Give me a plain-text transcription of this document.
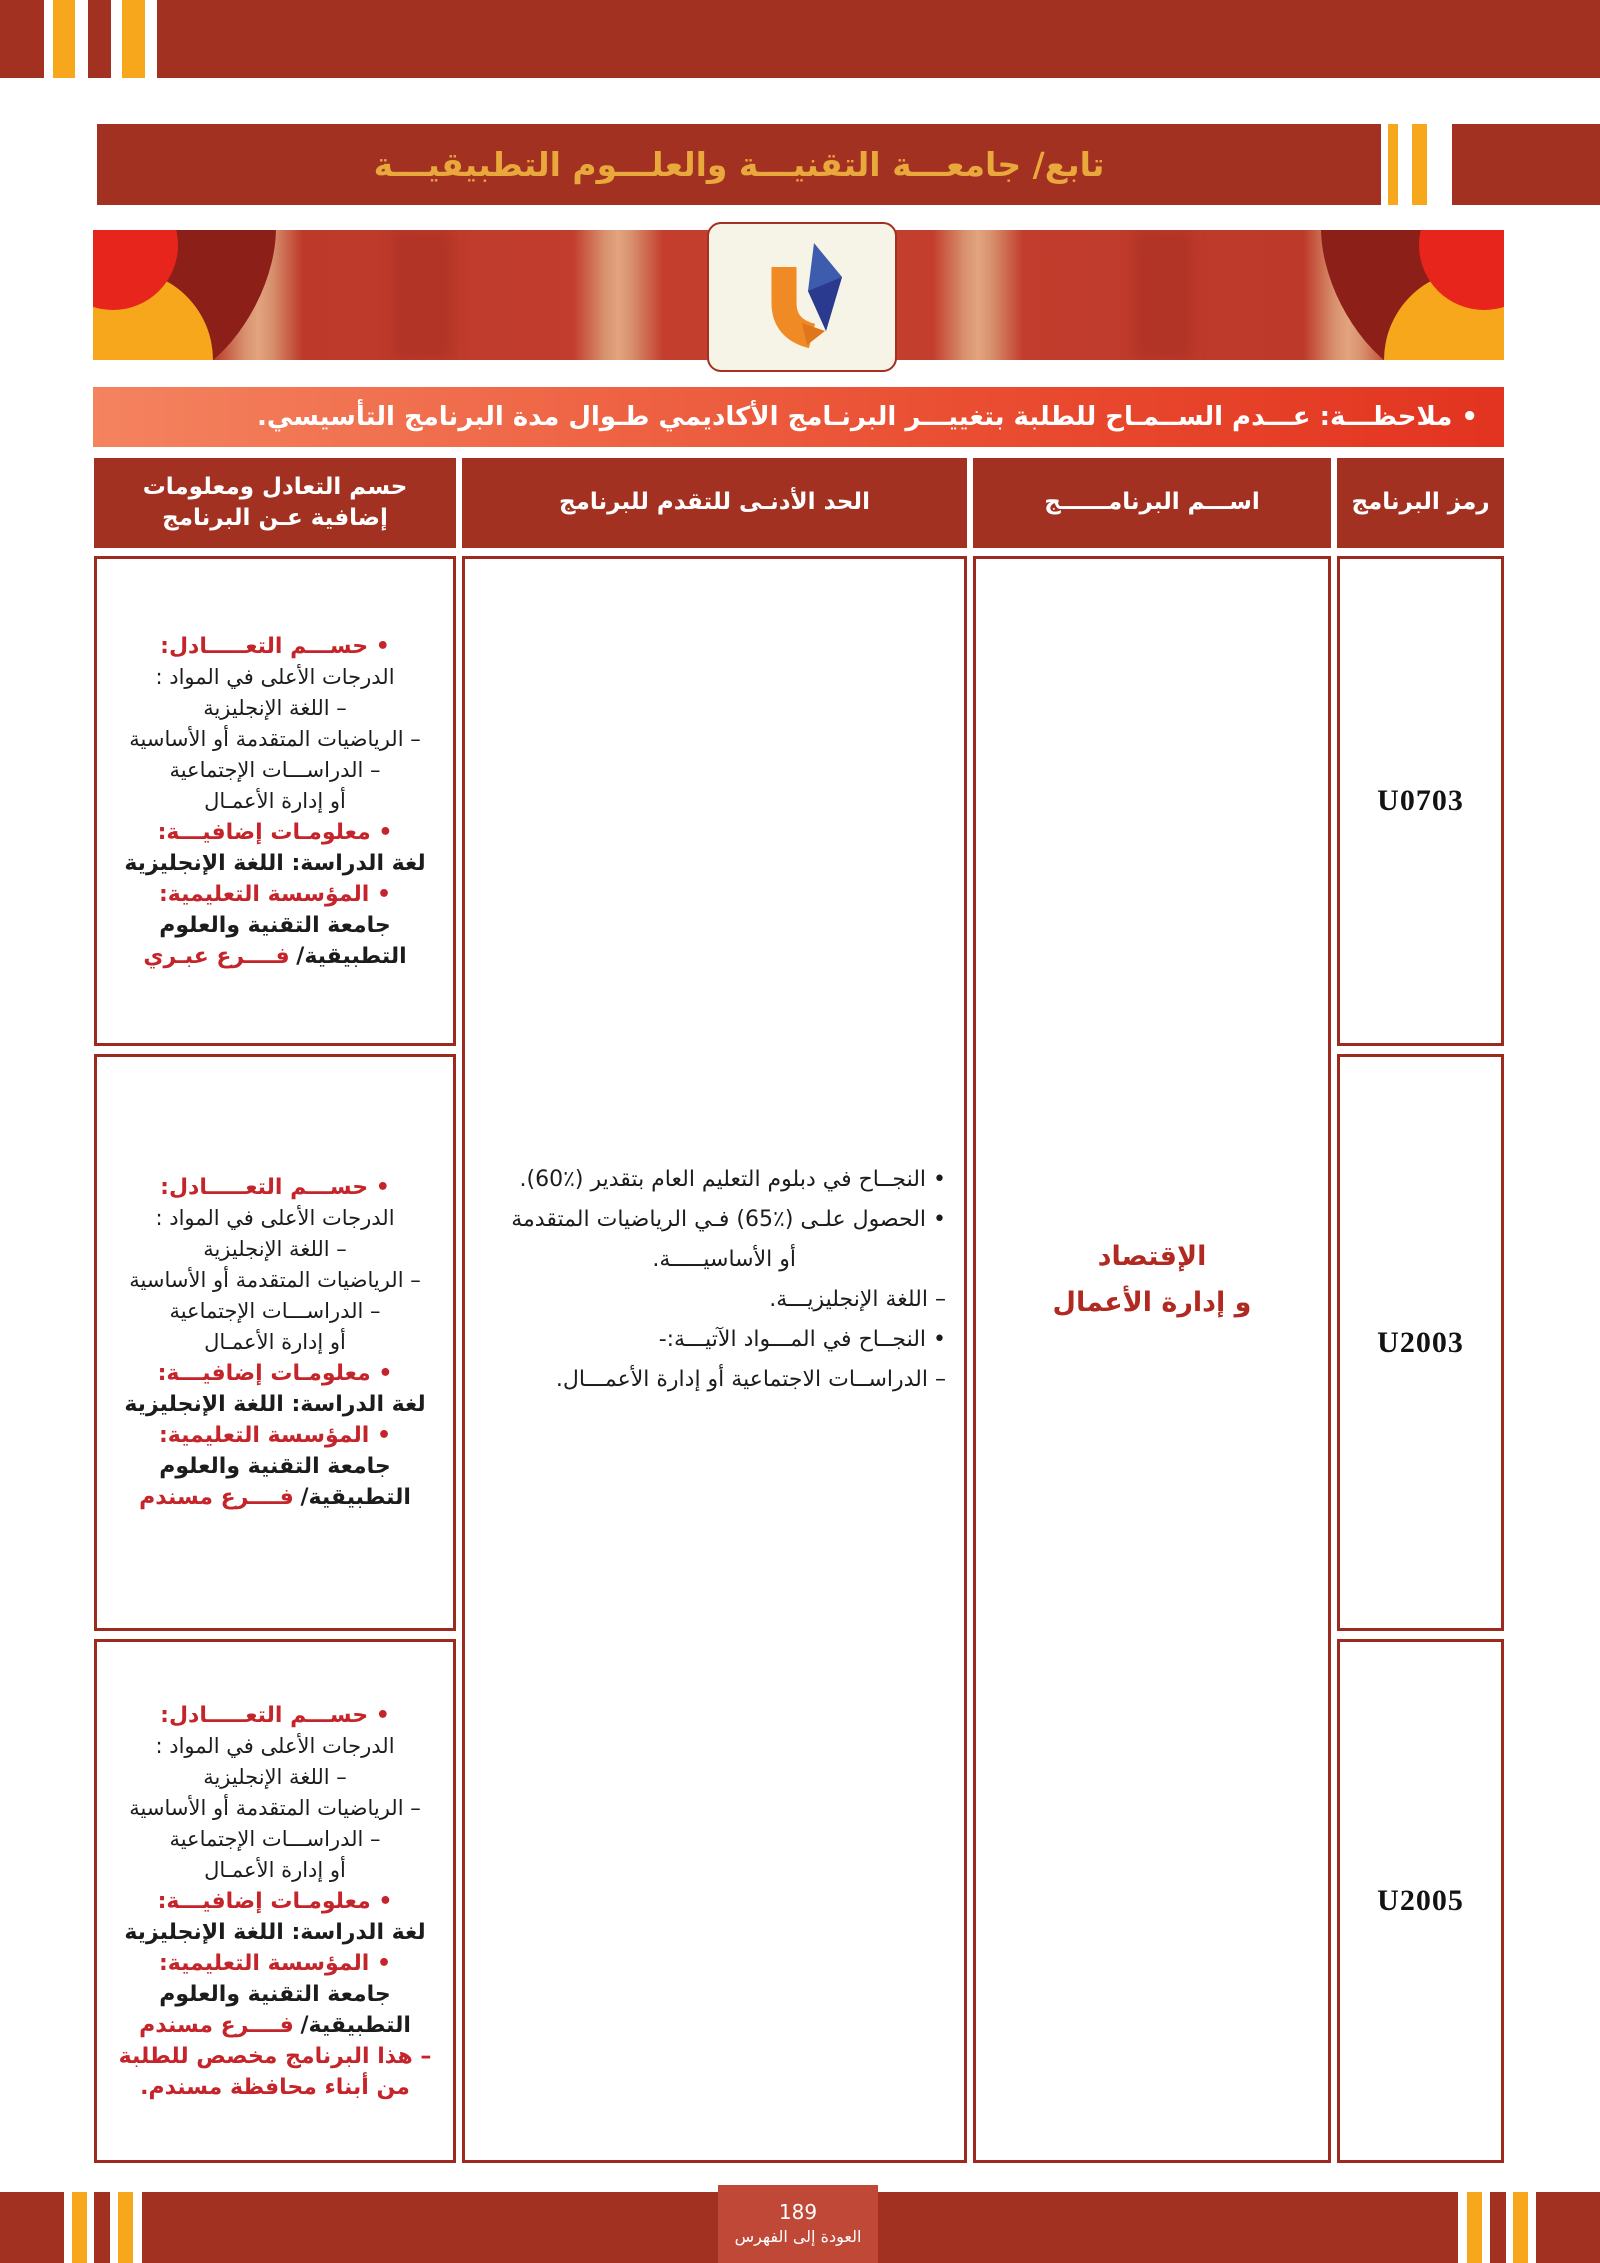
تابع/ جامعـــة التقنيـــة والعلـــوم التطبيقيـــة
• ملاحظـــة: عـــدم الســمـاح للطلبة بتغييـــر البرنـامج الأكاديمي طـوال مدة البرنامج التأسيسي.
رمز البرنامج
اســـم البرنامــــــج
الحد الأدنـى للتقدم للبرنامج
حسم التعادل ومعلومات
إضافية عـن البرنامج
U0703
U2003
U2005
الإقتصاد
و إدارة الأعمال
• النجــاح في دبلوم التعليم العام بتقدير (٪60).
• الحصول علـى (٪65) فـي الرياضيات المتقدمة
أو الأساسيـــــة.
– اللغة الإنجليزيـــة.
• النجــاح في المـــواد الآتيـــة:-
– الدراســات الاجتماعية أو إدارة الأعمـــال.
• حســـم التعـــــادل:
الدرجات الأعلى في المواد :
– اللغة الإنجليزية
– الرياضيات المتقدمة أو الأساسية
– الدراســـات الإجتماعية
أو إدارة الأعمـال
• معلومـات إضافيـــة:
لغة الدراسة: اللغة الإنجليزية
• المؤسسة التعليمية:
جامعة التقنية والعلوم
التطبيقية/ فــــرع عبـري
• حســـم التعـــــادل:
الدرجات الأعلى في المواد :
– اللغة الإنجليزية
– الرياضيات المتقدمة أو الأساسية
– الدراســـات الإجتماعية
أو إدارة الأعمـال
• معلومـات إضافيـــة:
لغة الدراسة: اللغة الإنجليزية
• المؤسسة التعليمية:
جامعة التقنية والعلوم
التطبيقية/ فــــرع مسندم
• حســـم التعـــــادل:
الدرجات الأعلى في المواد :
– اللغة الإنجليزية
– الرياضيات المتقدمة أو الأساسية
– الدراســـات الإجتماعية
أو إدارة الأعمـال
• معلومـات إضافيـــة:
لغة الدراسة: اللغة الإنجليزية
• المؤسسة التعليمية:
جامعة التقنية والعلوم
التطبيقية/ فــــرع مسندم
– هذا البرنامج مخصص للطلبة
من أبناء محافظة مسندم.
189
العودة إلى الفهرس
